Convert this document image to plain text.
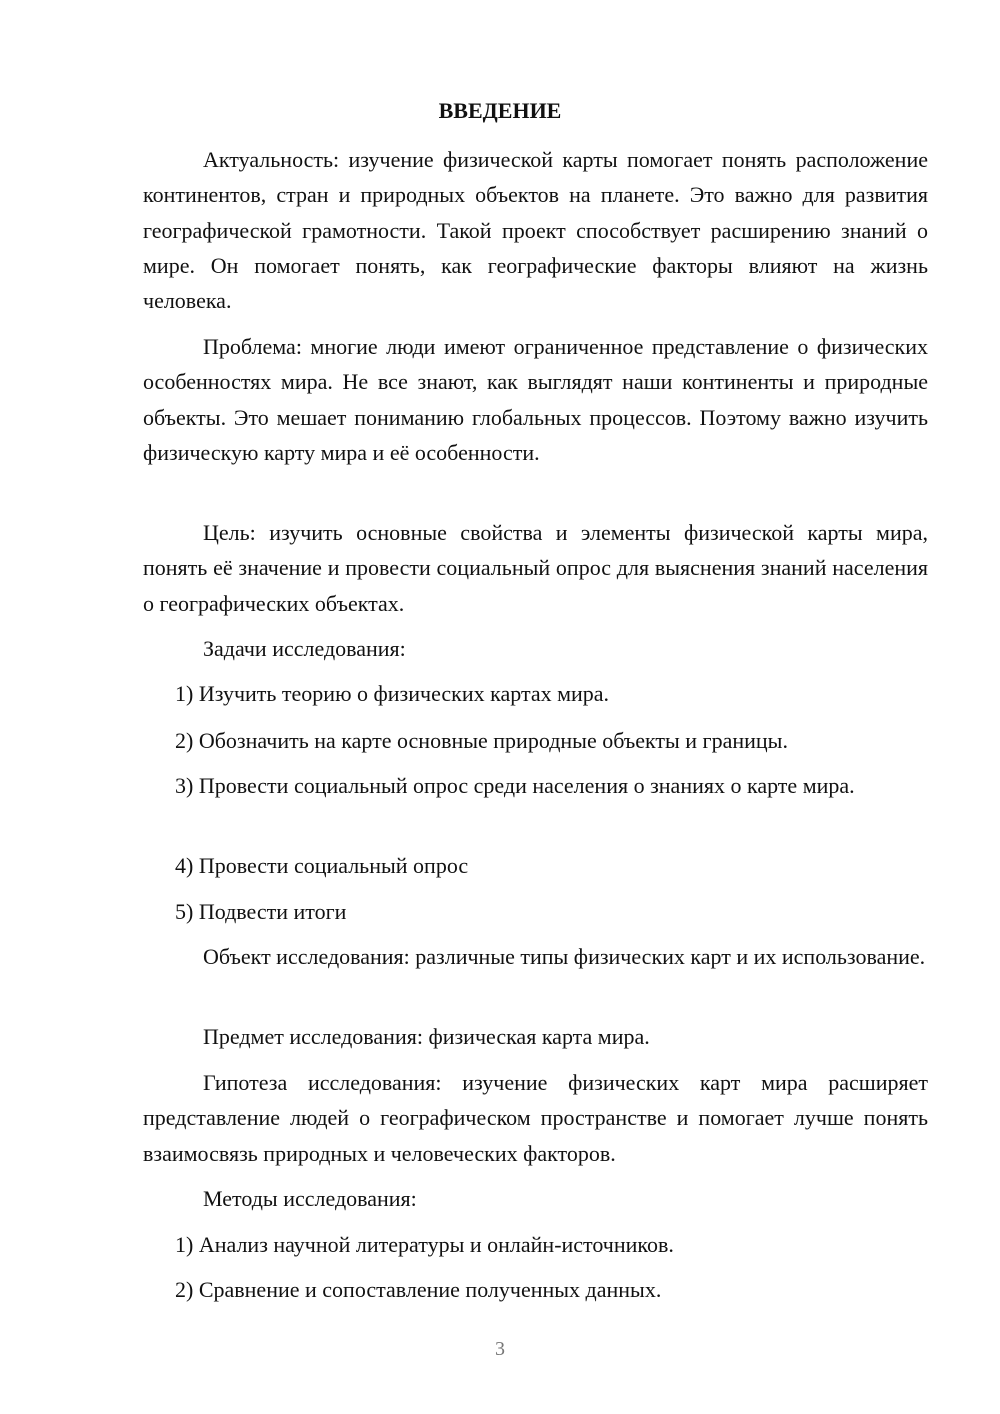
ВВЕДЕНИЕ

Актуальность: изучение физической карты помогает понять расположение континентов, стран и природных объектов на планете. Это важно для развития географической грамотности. Такой проект способствует расширению знаний о мире. Он помогает понять, как географические факторы влияют на жизнь человека.

Проблема: многие люди имеют ограниченное представление о физических особенностях мира. Не все знают, как выглядят наши континенты и природные объекты. Это мешает пониманию глобальных процессов. Поэтому важно изучить физическую карту мира и её особенности.

Цель: изучить основные свойства и элементы физической карты мира, понять её значение и провести социальный опрос для выяснения знаний населения о географических объектах.

Задачи исследования:

1) Изучить теорию о физических картах мира.

2) Обозначить на карте основные природные объекты и границы.

3) Провести социальный опрос среди населения о знаниях о карте мира.

4) Провести социальный опрос

5) Подвести итоги

Объект исследования: различные типы физических карт и их использование.

Предмет исследования: физическая карта мира.

Гипотеза исследования: изучение физических карт мира расширяет представление людей о географическом пространстве и помогает лучше понять взаимосвязь природных и человеческих факторов.

Методы исследования:

1) Анализ научной литературы и онлайн-источников.

2) Сравнение и сопоставление полученных данных.

3
